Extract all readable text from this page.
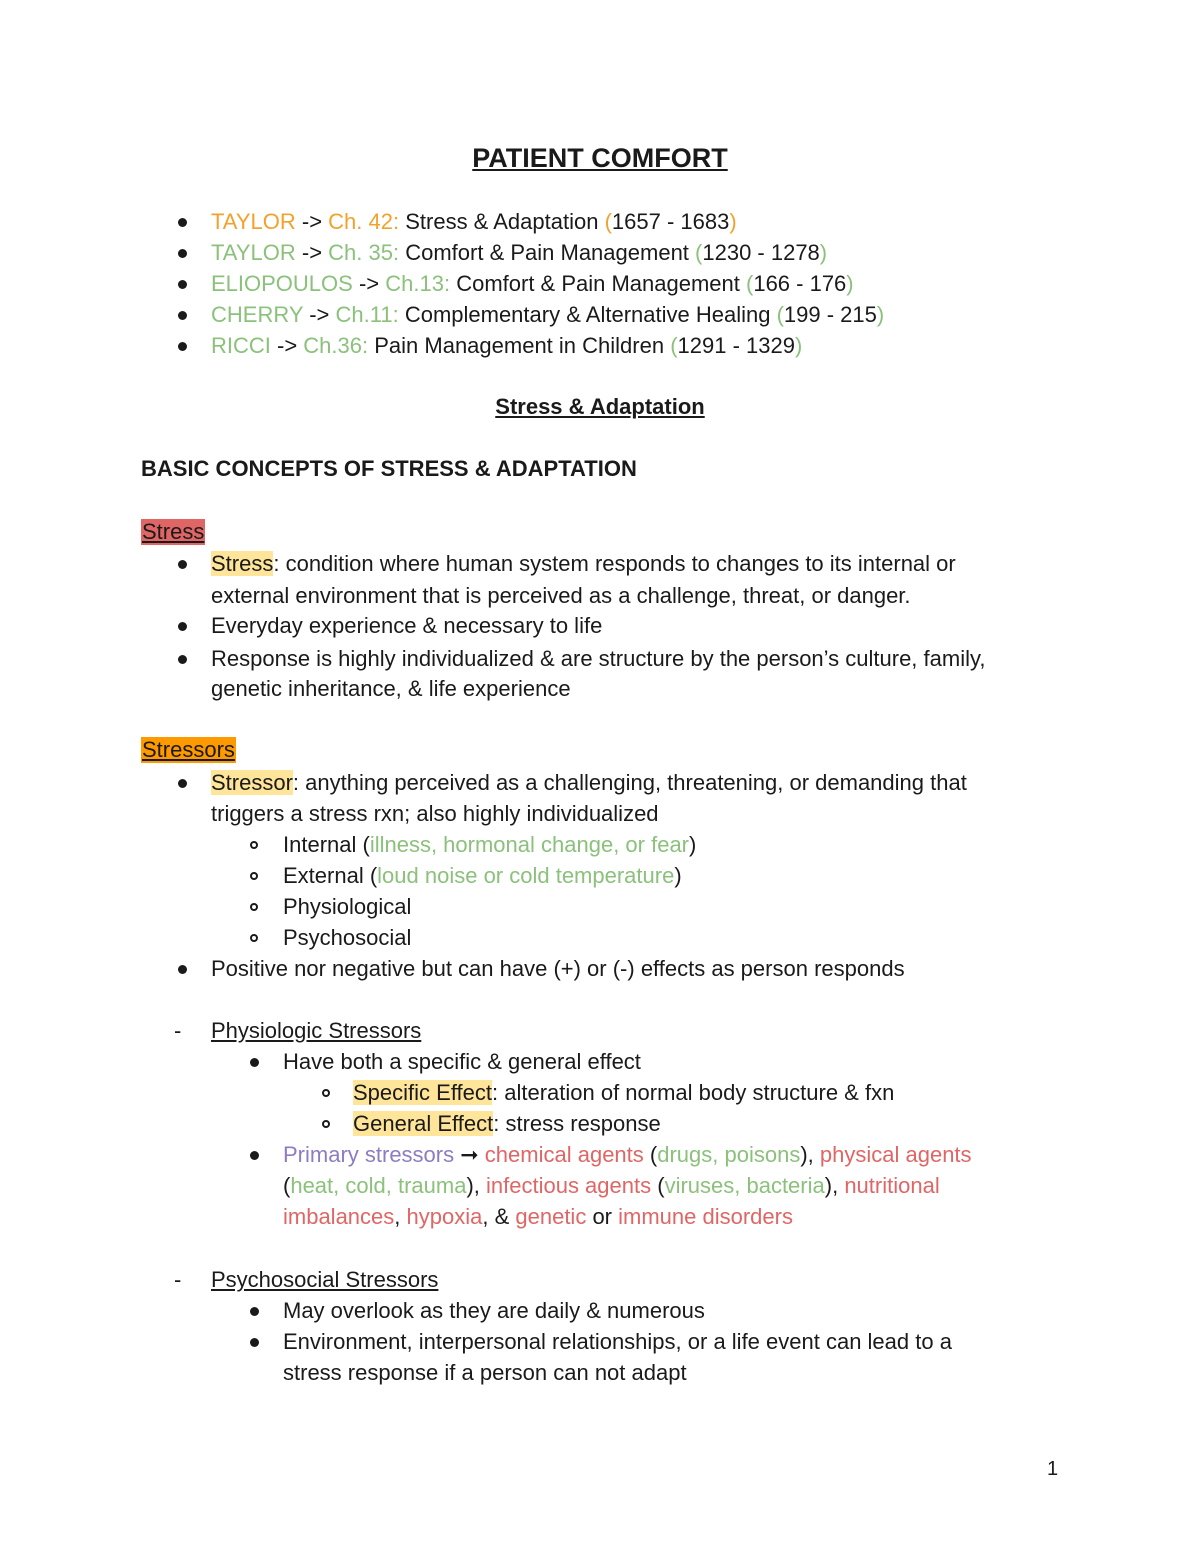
PATIENT COMFORT
TAYLOR -> Ch. 42: Stress & Adaptation (1657 - 1683)
TAYLOR -> Ch. 35: Comfort & Pain Management (1230 - 1278)
ELIOPOULOS -> Ch.13: Comfort & Pain Management (166 - 176)
CHERRY -> Ch.11: Complementary & Alternative Healing (199 - 215)
RICCI -> Ch.36: Pain Management in Children (1291 - 1329)
Stress & Adaptation
BASIC CONCEPTS OF STRESS & ADAPTATION
Stress
Stress: condition where human system responds to changes to its internal or
external environment that is perceived as a challenge, threat, or danger.
Everyday experience & necessary to life
Response is highly individualized & are structure by the person’s culture, family,
genetic inheritance, & life experience
Stressors
Stressor: anything perceived as a challenging, threatening, or demanding that
triggers a stress rxn; also highly individualized
Internal (illness, hormonal change, or fear)
External (loud noise or cold temperature)
Physiological
Psychosocial
Positive nor negative but can have (+) or (-) effects as person responds
- Physiologic Stressors
Have both a specific & general effect
Specific Effect: alteration of normal body structure & fxn
General Effect: stress response
Primary stressors ➞ chemical agents (drugs, poisons), physical agents
(heat, cold, trauma), infectious agents (viruses, bacteria), nutritional
imbalances, hypoxia, & genetic or immune disorders
- Psychosocial Stressors
May overlook as they are daily & numerous
Environment, interpersonal relationships, or a life event can lead to a
stress response if a person can not adapt
1
